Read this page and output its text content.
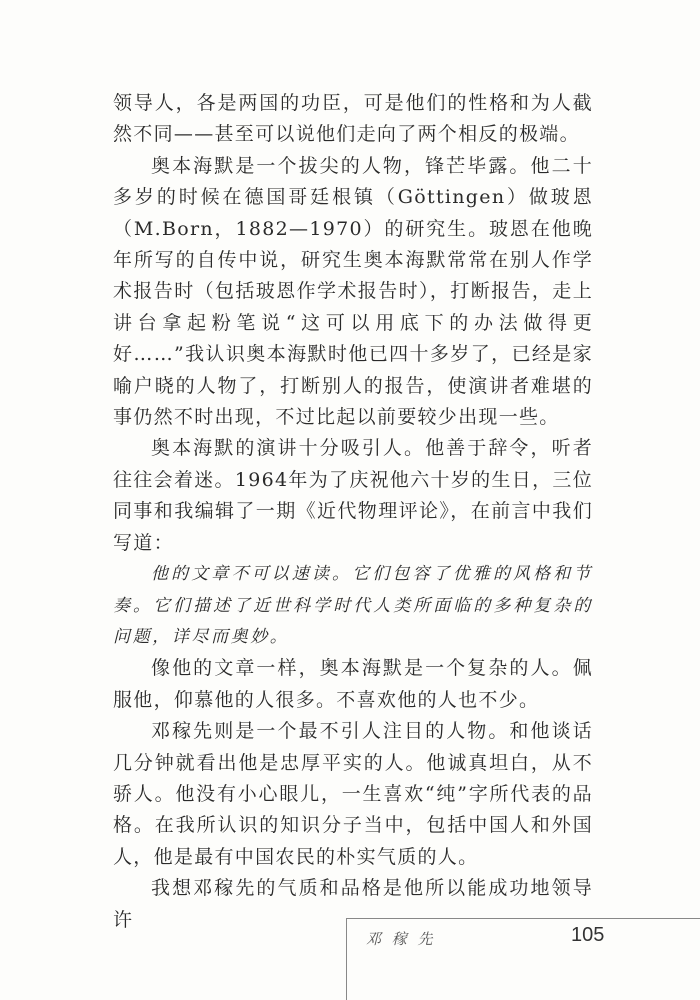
领导人，各是两国的功臣，可是他们的性格和为人截然不同——甚至可以说他们走向了两个相反的极端。

奥本海默是一个拔尖的人物，锋芒毕露。他二十多岁的时候在德国哥廷根镇（Göttingen）做玻恩（M.Born，1882—1970）的研究生。玻恩在他晚年所写的自传中说，研究生奥本海默常常在别人作学术报告时（包括玻恩作学术报告时），打断报告，走上讲台拿起粉笔说“这可以用底下的办法做得更好……”我认识奥本海默时他已四十多岁了，已经是家喻户晓的人物了，打断别人的报告，使演讲者难堪的事仍然不时出现，不过比起以前要较少出现一些。

奥本海默的演讲十分吸引人。他善于辞令，听者往往会着迷。1964年为了庆祝他六十岁的生日，三位同事和我编辑了一期《近代物理评论》，在前言中我们写道：

他的文章不可以速读。它们包容了优雅的风格和节奏。它们描述了近世科学时代人类所面临的多种复杂的问题，详尽而奥妙。

像他的文章一样，奥本海默是一个复杂的人。佩服他，仰慕他的人很多。不喜欢他的人也不少。

邓稼先则是一个最不引人注目的人物。和他谈话几分钟就看出他是忠厚平实的人。他诚真坦白，从不骄人。他没有小心眼儿，一生喜欢“纯”字所代表的品格。在我所认识的知识分子当中，包括中国人和外国人，他是最有中国农民的朴实气质的人。

我想邓稼先的气质和品格是他所以能成功地领导许

邓 稼 先	105
